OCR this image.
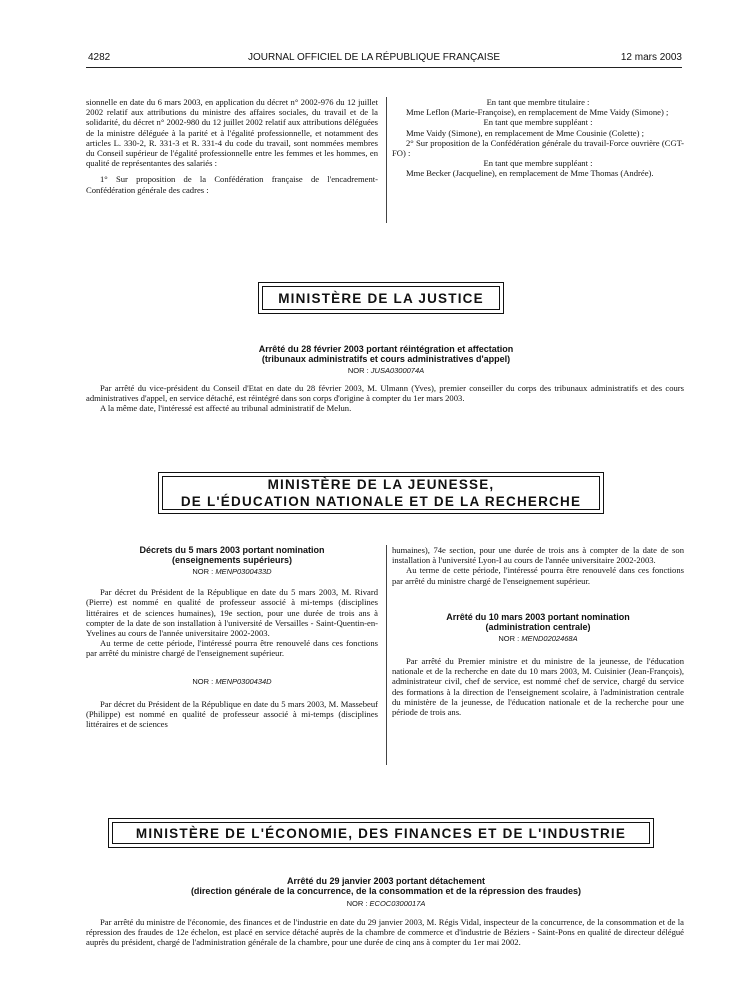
4282	JOURNAL OFFICIEL DE LA RÉPUBLIQUE FRANÇAISE	12 mars 2003

sionnelle en date du 6 mars 2003, en application du décret n° 2002-976 du 12 juillet 2002 relatif aux attributions du ministre des affaires sociales, du travail et de la solidarité, du décret n° 2002-980 du 12 juillet 2002 relatif aux attributions déléguées de la ministre déléguée à la parité et à l'égalité professionnelle, et notamment des articles L. 330-2, R. 331-3 et R. 331-4 du code du travail, sont nommées membres du Conseil supérieur de l'égalité professionnelle entre les femmes et les hommes, en qualité de représentantes des salariés :

1° Sur proposition de la Confédération française de l'encadrement-Confédération générale des cadres :

En tant que membre titulaire :

Mme Leflon (Marie-Françoise), en remplacement de Mme Vaidy (Simone) ;

En tant que membre suppléant :

Mme Vaidy (Simone), en remplacement de Mme Cousinie (Colette) ;

2° Sur proposition de la Confédération générale du travail-Force ouvrière (CGT-FO) :

En tant que membre suppléant :

Mme Becker (Jacqueline), en remplacement de Mme Thomas (Andrée).

MINISTÈRE DE LA JUSTICE
Arrêté du 28 février 2003 portant réintégration et affectation
(tribunaux administratifs et cours administratives d'appel)
NOR : JUSA0300074A

Par arrêté du vice-président du Conseil d'Etat en date du 28 février 2003, M. Ulmann (Yves), premier conseiller du corps des tribunaux administratifs et des cours administratives d'appel, en service détaché, est réintégré dans son corps d'origine à compter du 1er mars 2003.

A la même date, l'intéressé est affecté au tribunal administratif de Melun.

MINISTÈRE DE LA JEUNESSE,
DE L'ÉDUCATION NATIONALE ET DE LA RECHERCHE
Décrets du 5 mars 2003 portant nomination
(enseignements supérieurs)
NOR : MENP0300433D

Par décret du Président de la République en date du 5 mars 2003, M. Rivard (Pierre) est nommé en qualité de professeur associé à mi-temps (disciplines littéraires et de sciences humaines), 19e section, pour une durée de trois ans à compter de la date de son installation à l'université de Versailles - Saint-Quentin-en-Yvelines au cours de l'année universitaire 2002-2003.

Au terme de cette période, l'intéressé pourra être renouvelé dans ces fonctions par arrêté du ministre chargé de l'enseignement supérieur.

NOR : MENP0300434D

Par décret du Président de la République en date du 5 mars 2003, M. Massebeuf (Philippe) est nommé en qualité de professeur associé à mi-temps (disciplines littéraires et de sciences

humaines), 74e section, pour une durée de trois ans à compter de la date de son installation à l'université Lyon-I au cours de l'année universitaire 2002-2003.

Au terme de cette période, l'intéressé pourra être renouvelé dans ces fonctions par arrêté du ministre chargé de l'enseignement supérieur.

Arrêté du 10 mars 2003 portant nomination
(administration centrale)
NOR : MEND0202468A

Par arrêté du Premier ministre et du ministre de la jeunesse, de l'éducation nationale et de la recherche en date du 10 mars 2003, M. Cuisinier (Jean-François), administrateur civil, chef de service, est nommé chef de service, chargé du service des formations à la direction de l'enseignement scolaire, à l'administration centrale du ministère de la jeunesse, de l'éducation nationale et de la recherche pour une période de trois ans.

MINISTÈRE DE L'ÉCONOMIE, DES FINANCES ET DE L'INDUSTRIE
Arrêté du 29 janvier 2003 portant détachement
(direction générale de la concurrence, de la consommation et de la répression des fraudes)
NOR : ECOC0300017A

Par arrêté du ministre de l'économie, des finances et de l'industrie en date du 29 janvier 2003, M. Régis Vidal, inspecteur de la concurrence, de la consommation et de la répression des fraudes de 12e échelon, est placé en service détaché auprès de la chambre de commerce et d'industrie de Béziers - Saint-Pons en qualité de directeur délégué auprès du président, chargé de l'administration générale de la chambre, pour une durée de cinq ans à compter du 1er mai 2002.
